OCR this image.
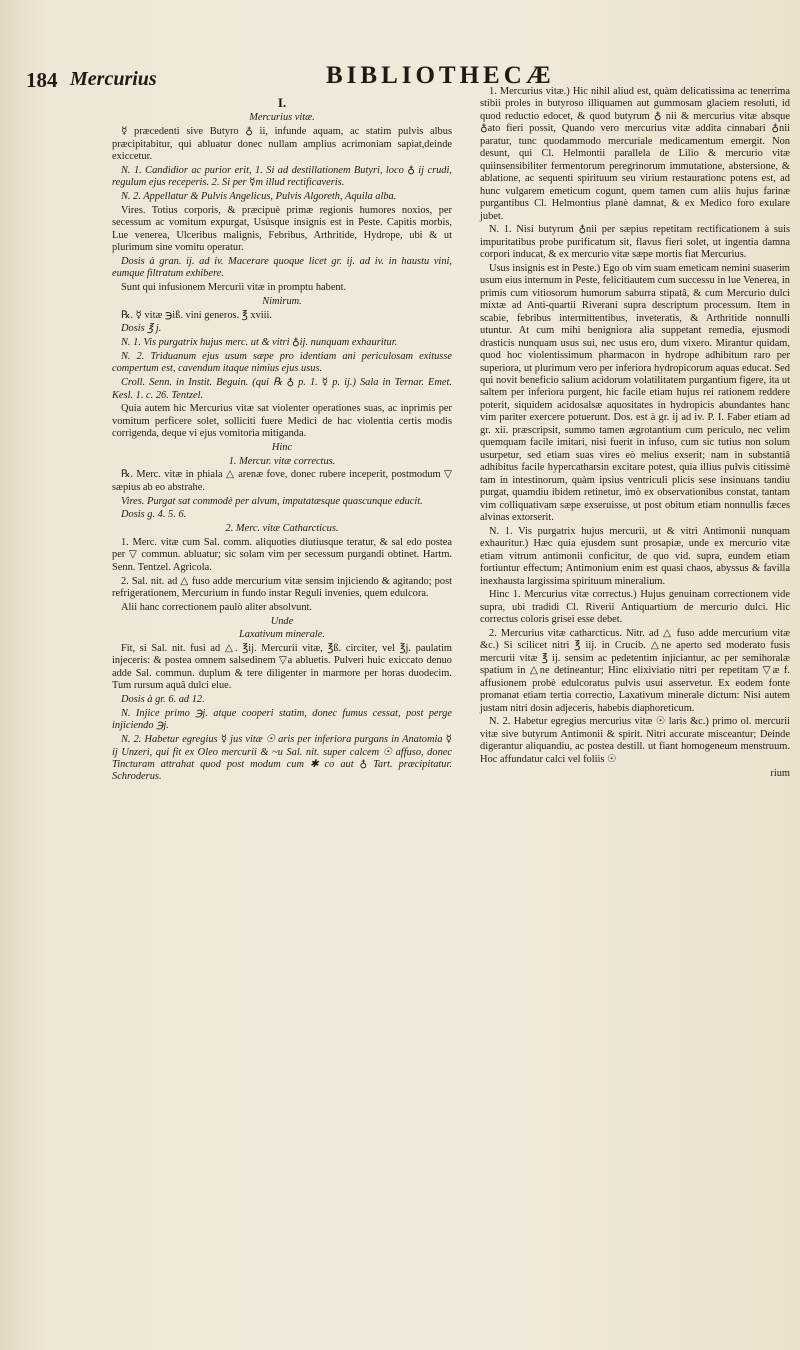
184 Mercurius	BIBLIOTHECÆ

I.

Mercurius vitæ.

☿ præcedenti sive Butyro ♁ ii, infunde aquam, ac statim pulvis albus præcipitabitur, qui abluatur donec nullam amplius acrimoniam sapiat,deinde exiccetur.

N. 1. Candidior ac purior erit, 1. Si ad destillationem Butyri, loco ♁ ij crudi, regulum ejus receperis. 2. Si per ☿m illud rectificaveris.

N. 2. Appellatur & Pulvis Angelicus, Pulvis Algoreth, Aquila alba.

Vires. Totius corporis, & præcipuè primæ regionis humores noxios, per secessum ac vomitum expurgat, Usúsque insignis est in Peste. Capitis morbis, Lue venerea, Ulceribus malignis, Febribus, Arthritide, Hydrope, ubi & ut plurimum sine vomitu operatur.

Dosis à gran. ij. ad iv. Macerare quoque licet gr. ij. ad iv. in haustu vini, eumque filtratum exhibere.

Sunt qui infusionem Mercurii vitæ in promptu habent.

Nimirum.

℞. ☿ vitæ ℈iß. vini generos. ℥ xviii.

Dosis ℥ j.

N. 1. Vis purgatrix hujus merc. ut & vitri ♁ij. nunquam exhauritur.

N. 2. Triduanum ejus usum sæpe pro identiam ani periculosam exitusse compertum est, cavendum itaque nimius ejus usus.

Croll. Senn. in Instit. Beguin. (qui ℞ ♁ p. 1. ☿ p. ij.) Sala in Ternar. Emet. Kesl. 1. c. 26. Tentzel.

Quia autem hic Mercurius vitæ sat violenter operationes suas, ac inprimis per vomitum perficere solet, solliciti fuere Medici de hac violentia certis modis corrigenda, deque vi ejus vomitoria mitiganda.

Hinc

1. Mercur. vitæ correctus.

℞. Merc. vitæ in phiala △ arenæ fove, donec rubere inceperit, postmodum ▽ sæpius ab eo abstrahe.

Vires. Purgat sat commodè per alvum, imputatæsque quascunque educit.

Dosis g. 4. 5. 6.

2. Merc. vitæ Catharcticus.

1. Merc. vitæ cum Sal. comm. aliquoties diutiusque teratur, & sal edo postea per ▽ commun. abluatur; sic solam vim per secessum purgandi obtinet. Hartm. Senn. Tentzel. Agricola.

2. Sal. nit. ad △ fuso adde mercurium vitæ sensim injiciendo & agitando; post refrigerationem, Mercurium in fundo instar Reguli invenies, quem edulcora.

Alii hanc correctionem paulò aliter absolvunt.

Unde

Laxativum minerale.

Fit, si Sal. nit. fusi ad △. ℥ij. Mercurii vitæ, ℥ß. circiter, vel ℥j. paulatim injeceris: & postea omnem salsedinem ▽a abluetis. Pulveri huic exiccato denuo adde Sal. commun. duplum & tere diligenter in marmore per horas duodecim. Tum rursum aquâ dulci elue.

Dosis à gr. 6. ad 12.

N. Injice primo ℈j. atque cooperi statim, donec fumus cessat, post perge injiciendo ℈j.

N. 2. Habetur egregius ☿ jus vitæ ☉ aris per inferiora purgans in Anatomia ☿ ij Unzeri, qui fit ex Oleo mercurii & ~u Sal. nit. super calcem ☉ affuso, donec Tincturam attrahat quod post modum cum ✱ co aut ♁ Tart. præcipitatur. Schroderus.

1. Mercurius vitæ.) Hic nihil aliud est, quàm delicatissima ac tenerrima stibii proles in butyroso illiquamen aut gummosam glaciem resoluti, id quod reductio edocet, & quod butyrum ♁ nii & mercurius vitæ absque ♁ato fieri possit, Quando vero mercurius vitæ addita cinnabari ♁nii paratur, tunc quodammodo mercuriale medicamentum emergit. Non desunt, qui Cl. Helmontii parallela de Lilio & mercurio vitæ quiinsensibiliter fermentorum peregrinorum immutatione, abstersione, & ablatione, ac sequenti spirituum seu virium restaurationc potens est, ad hunc vulgarem emeticum cogunt, quem tamen cum aliis hujus farinæ purgantibus Cl. Helmontius planè damnat, & ex Medico foro exulare jubet.

N. 1. Nisi butyrum ♁nii per sæpius repetitam rectificationem à suis impuritatibus probe purificatum sit, flavus fieri solet, ut ingentia damna corpori inducat, & ex mercurio vitæ sæpe mortis fiat Mercurius.

Usus insignis est in Peste.) Ego ob vim suam emeticam nemini suaserim usum eius internum in Peste, felicitiautem cum successu in lue Venerea, in primis cum vitiosorum humorum saburra stipatâ, & cum Mercurio dulci mixtæ ad Anti-quartii Riverani supra descriptum processum. Item in scabie, febribus intermittentibus, inveteratis, & Arthritide nonnulli utuntur. At cum mihi benigniora alia suppetant remedia, ejusmodi drasticis nunquam usus sui, nec usus ero, dum vixero. Mirantur quidam, quod hoc violentissimum pharmacon in hydrope adhibitum raro per superiora, ut plurimum vero per inferiora hydropicorum aquas educat. Sed qui novit beneficio salium acidorum volatilitatem purgantium figere, ita ut saltem per inferiora purgent, hic facile etiam hujus rei rationem reddere poterit, siquidem acidosalsæ aquositates in hydropicis abundantes hanc vim pariter exercere potuerunt. Dos. est à gr. ij ad iv. P. I. Faber etiam ad gr. xii. præscripsit, summo tamen ægrotantium cum periculo, nec velim quemquam facile imitari, nisi fuerit in infuso, cum sic tutius non solum usurpetur, sed etiam suas vires eò melius exserit; nam in substantiâ adhibitus facile hypercatharsin excitare potest, quia illius pulvis citissimè tam in intestinorum, quàm ipsius ventriculi plicis sese insinuans tandiu purgat, quamdiu ibidem retinetur, imò ex observationibus constat, tantam vim colliquativam sæpe exseruisse, ut post obitum etiam nonnullis fæces alvinas extorserit.

N. 1. Vis purgatrix hujus mercurii, ut & vitri Antimonii nunquam exhauritur.) Hæc quia ejusdem sunt prosapiæ, unde ex mercurio vitæ etiam vitrum antimonii conficitur, de quo vid. supra, eundem etiam fortiuntur effectum; Antimonium enim est quasi chaos, abyssus & favilla inexhausta largissima spirituum mineralium.

Hinc 1. Mercurius vitæ correctus.) Hujus genuinam correctionem vide supra, ubi tradidi Cl. Riverii Antiquartium de mercurio dulci. Hic correctus coloris grisei esse debet.

2. Mercurius vitæ catharcticus. Nitr. ad △ fuso adde mercurium vitæ &c.) Si scilicet nitri ℥ iij. in Crucib. △ne aperto sed moderato fusis mercurii vitæ ℥ ij. sensim ac pedetentim injiciantur, ac per semihoralæ spatium in △ne detineantur; Hinc elixiviatio nitri per repetitam ▽æ f. affusionem probè edulcoratus pulvis usui asservetur. Ex eodem fonte promanat etiam tertia correctio, Laxativum minerale dictum: Nisi autem justam nitri dosin adjeceris, habebis diaphoreticum.

N. 2. Habetur egregius mercurius vitæ ☉ laris &c.) primo ol. mercurii vitæ sive butyrum Antimonii & spirit. Nitri accurate misceantur; Deinde digerantur aliquandiu, ac postea destill. ut fiant homogeneum menstruum. Hoc affundatur calci vel foliis ☉

rium
